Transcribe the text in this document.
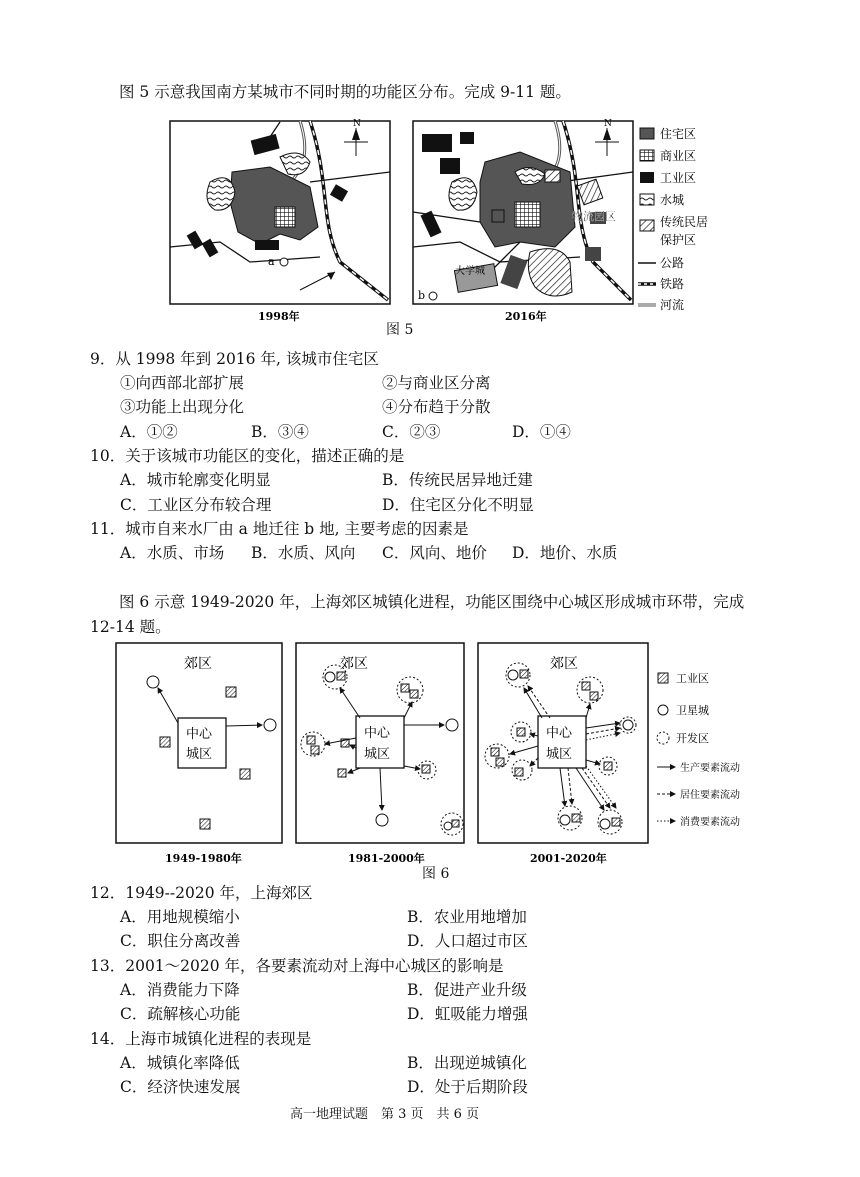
图 5 示意我国南方某城市不同时期的功能区分布。完成 9-11 题。
N
a
大学城
物流园区
N
b
1998年	2016年
住宅区
商业区
工业区
水城
传统民居
保护区
公路
铁路
河流
图 5
9．从 1998 年到 2016 年, 该城市住宅区
①向西部北部扩展	②与商业区分离
③功能上出现分化	④分布趋于分散
A．①②	B．③④	C．②③	D．①④
10．关于该城市功能区的变化，描述正确的是
A．城市轮廓变化明显	B．传统民居异地迁建
C．工业区分布较合理	D．住宅区分化不明显
11．城市自来水厂由 a 地迁往 b 地, 主要考虑的因素是
A．水质、市场 B．水质、风向 C．风向、地价 D．地价、水质
图 6 示意 1949-2020 年，上海郊区城镇化进程，功能区围绕中心城区形成城市环带，完成
12-14 题。
郊区
中心
城区
郊区
中心
城区
郊区
中心
城区
工业区
卫星城
开发区
生产要素流动
居住要素流动
消费要素流动
1949-1980年	1981-2000年	2001-2020年
图 6
12．1949--2020 年，上海郊区
A．用地规模缩小	B．农业用地增加
C．职住分离改善	D．人口超过市区
13．2001～2020 年，各要素流动对上海中心城区的影响是
A．消费能力下降	B．促进产业升级
C．疏解核心功能	D．虹吸能力增强
14．上海市城镇化进程的表现是
A．城镇化率降低	B．出现逆城镇化
C．经济快速发展	D．处于后期阶段
高一地理试题　第 3 页　共 6 页
